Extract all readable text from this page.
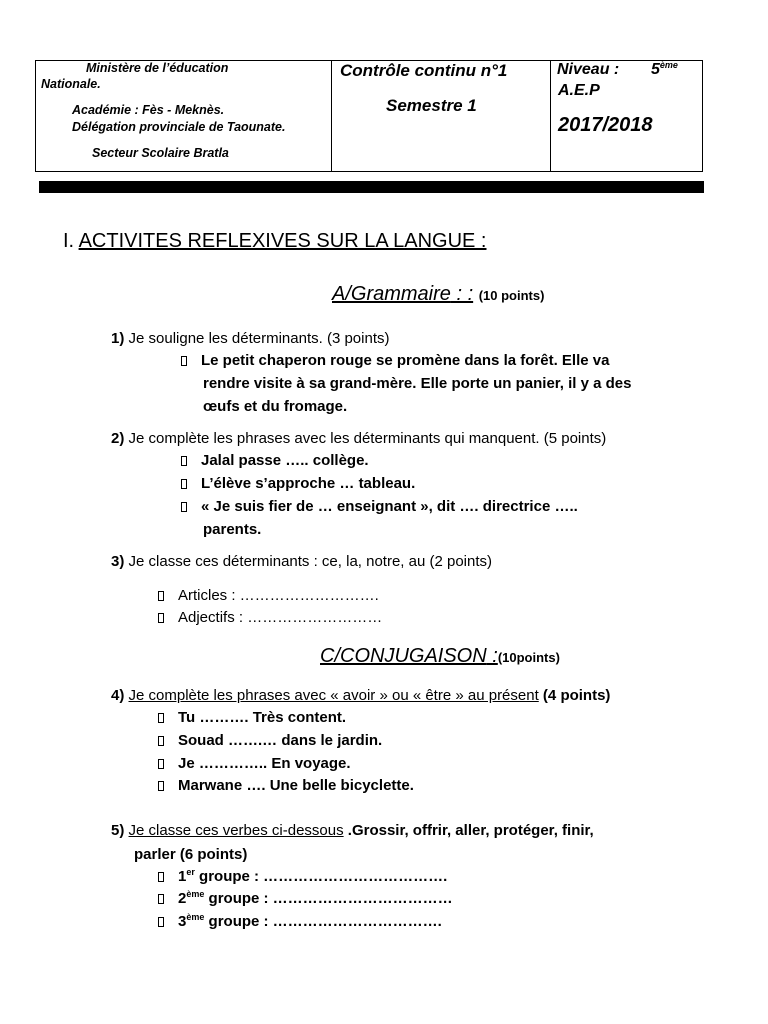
Ministère de l’éducation
Nationale.
Académie : Fès - Meknès.
Délégation provinciale de Taounate.
Secteur Scolaire Bratla
Contrôle continu n°1
Semestre 1
Niveau : 5ème
A.E.P
2017/2018
I. ACTIVITES REFLEXIVES SUR LA LANGUE :
A/Grammaire : : (10 points)
1) Je souligne les déterminants. (3 points)
Le petit chaperon rouge se promène dans la forêt. Elle va
rendre visite à sa grand-mère. Elle porte un panier, il y a des
œufs et du fromage.
2) Je complète les phrases avec les déterminants qui manquent. (5 points)
Jalal passe ….. collège.
L’élève s’approche … tableau.
« Je suis fier de … enseignant », dit …. directrice …..
parents.
3) Je classe ces déterminants : ce, la, notre, au (2 points)
Articles : ……………………….
Adjectifs : ………………………
C/CONJUGAISON :(10points)
4) Je complète les phrases avec « avoir » ou « être » au présent (4 points)
Tu ………. Très content.
Souad …….… dans le jardin.
Je ………….. En voyage.
Marwane …. Une belle bicyclette.
5) Je classe ces verbes ci-dessous .Grossir, offrir, aller, protéger, finir,
parler (6 points)
1er groupe : ……………………………….
2ème groupe : ………………………………
3ème groupe : …………………………….
